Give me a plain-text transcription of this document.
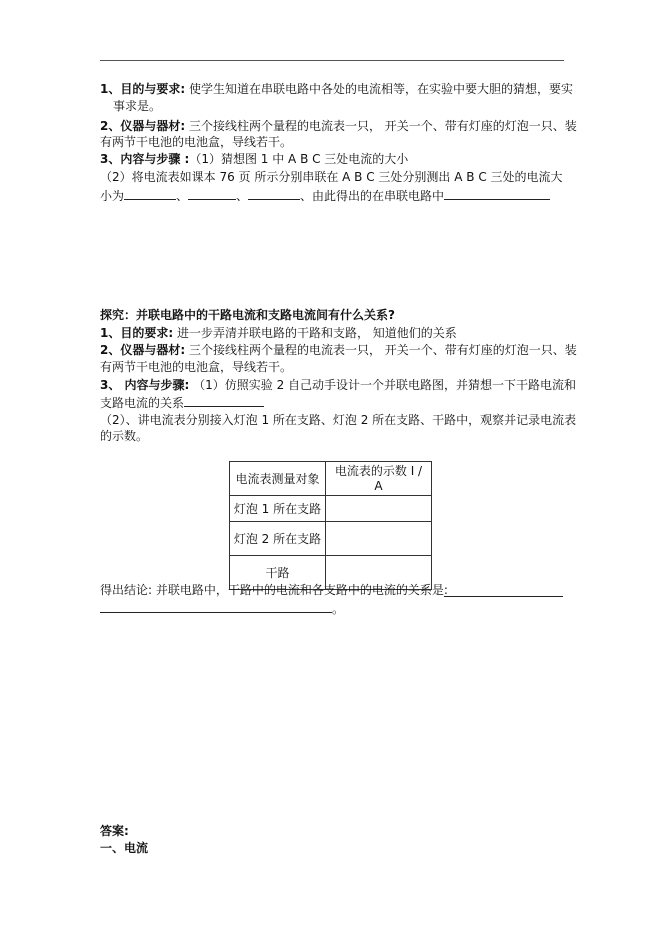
1、目的与要求: 使学生知道在串联电路中各处的电流相等，在实验中要大胆的猜想，要实
事求是。
2、仪器与器材: 三个接线柱两个量程的电流表一只， 开关一个、带有灯座的灯泡一只、装
有两节干电池的电池盒，导线若干。
3、内容与步骤 :（1）猜想图 1 中 A B C 三处电流的大小
（2）将电流表如课本 76 页 所示分别串联在 A B C 三处分别测出 A B C 三处的电流大
小为	、	、	、由此得出的在串联电路中
探究：并联电路中的干路电流和支路电流间有什么关系?
1、目的要求: 进一步弄清并联电路的干路和支路， 知道他们的关系
2、仪器与器材: 三个接线柱两个量程的电流表一只， 开关一个、带有灯座的灯泡一只、装
有两节干电池的电池盒，导线若干。
3、 内容与步骤: （1）仿照实验 2 自己动手设计一个并联电路图，并猜想一下干路电流和
支路电流的关系
（2）、讲电流表分别接入灯泡 1 所在支路、灯泡 2 所在支路、干路中，观察并记录电流表
的示数。
电流表测量对象	电流表的示数 I /
A

灯泡 1 所在支路	
灯泡 2 所在支路	
干路	
得出结论: 并联电路中，干路中的电流和各支路中的电流的关系是:
。
答案:
一、电流
